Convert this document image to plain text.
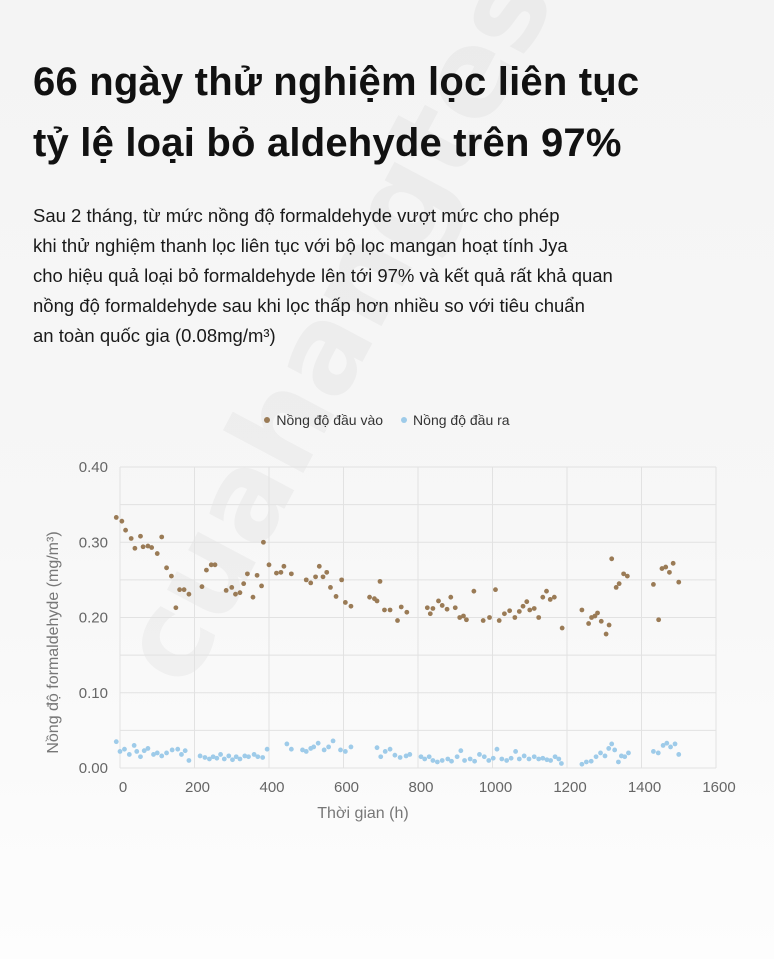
66 ngày thử nghiệm lọc liên tục
tỷ lệ loại bỏ aldehyde trên 97%
Sau 2 tháng, từ mức nồng độ formaldehyde vượt mức cho phép
khi thử nghiệm thanh lọc liên tục với bộ lọc mangan hoạt tính Jya
cho hiệu quả loại bỏ formaldehyde lên tới 97% và kết quả rất khả quan
nồng độ formaldehyde sau khi lọc thấp hơn nhiều so với tiêu chuẩn
an toàn quốc gia (0.08mg/m³)
Nồng độ đầu vào Nồng độ đầu ra
0.00
0.10
0.20
0.30
0.40
0	200	400	600	800	1000	1200	1400	1600
Thời gian (h)
Nồng độ formaldehyde (mg/m³)
